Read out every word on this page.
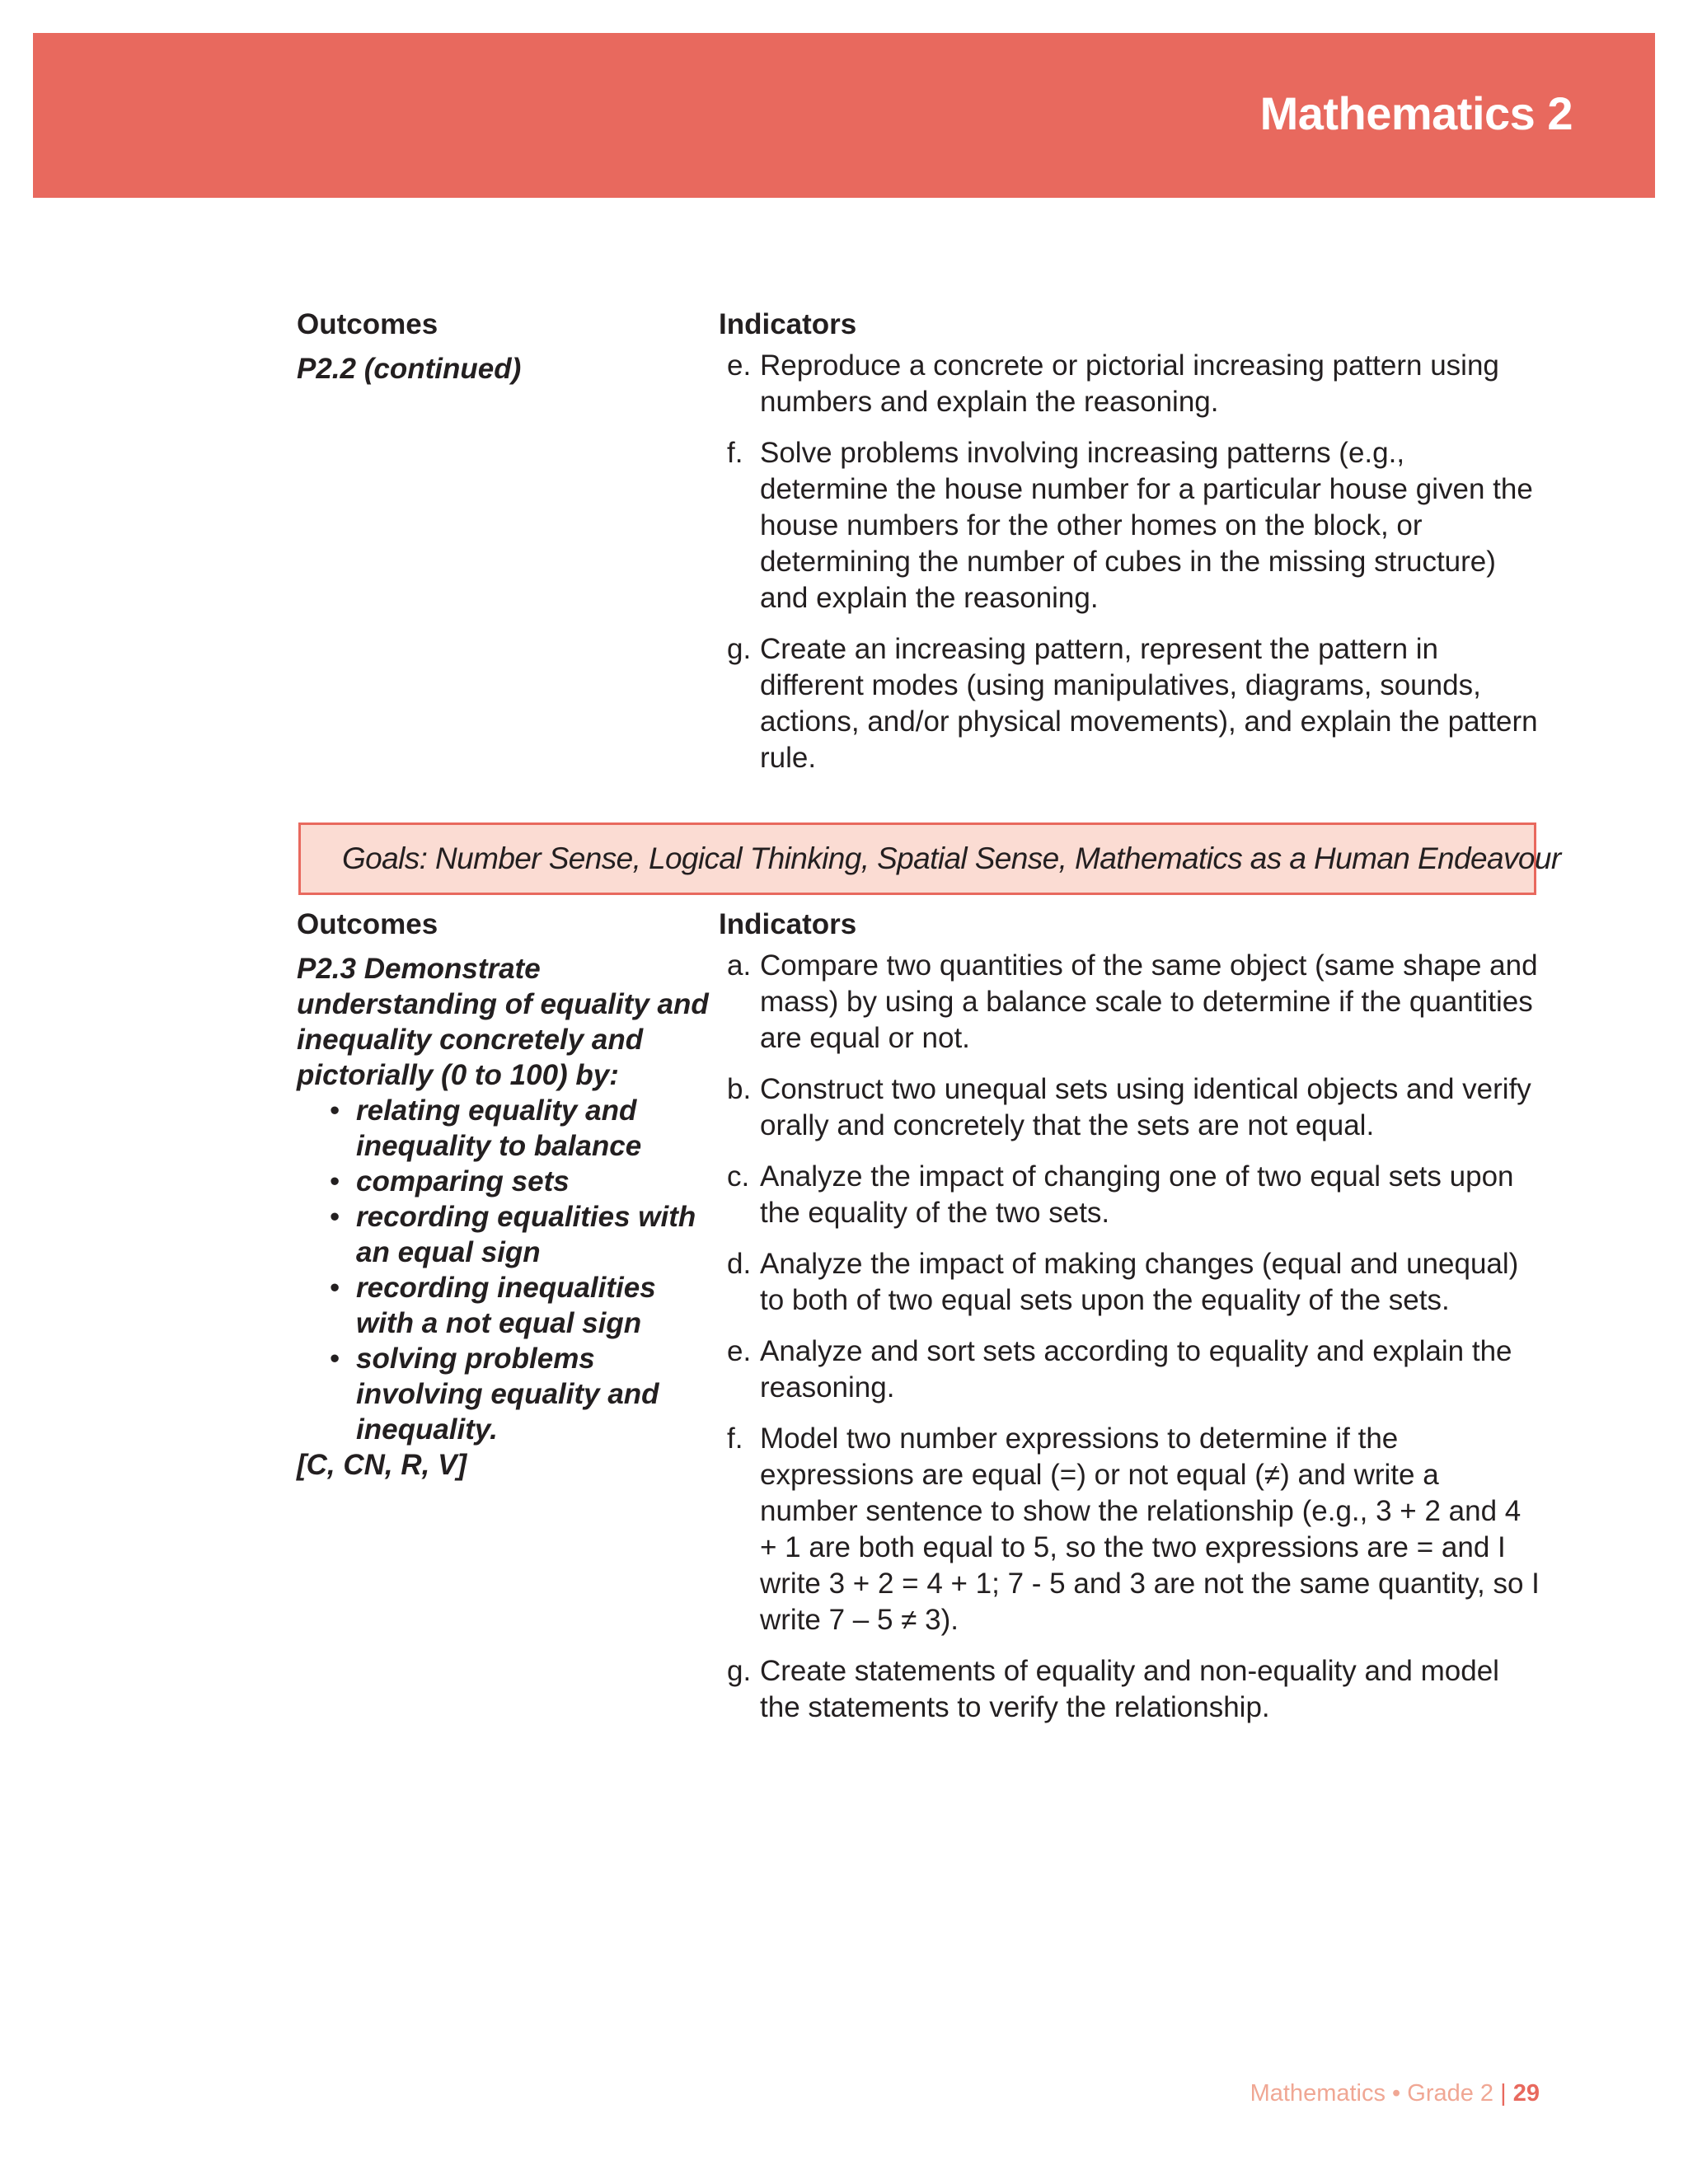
Mathematics 2
Outcomes
P2.2 (continued)
Indicators
e. Reproduce a concrete or pictorial increasing pattern using numbers and explain the reasoning.
f. Solve problems involving increasing patterns (e.g., determine the house number for a particular house given the house numbers for the other homes on the block, or determining the number of cubes in the missing structure) and explain the reasoning.
g. Create an increasing pattern, represent the pattern in different modes (using manipulatives, diagrams, sounds, actions, and/or physical movements), and explain the pattern rule.
Goals: Number Sense, Logical Thinking, Spatial Sense, Mathematics as a Human Endeavour
Outcomes
P2.3 Demonstrate understanding of equality and inequality concretely and pictorially (0 to 100) by:
• relating equality and inequality to balance
• comparing sets
• recording equalities with an equal sign
• recording inequalities with a not equal sign
• solving problems involving equality and inequality.
[C, CN, R, V]
Indicators
a. Compare two quantities of the same object (same shape and mass) by using a balance scale to determine if the quantities are equal or not.
b. Construct two unequal sets using identical objects and verify orally and concretely that the sets are not equal.
c. Analyze the impact of changing one of two equal sets upon the equality of the two sets.
d. Analyze the impact of making changes (equal and unequal) to both of two equal sets upon the equality of the sets.
e. Analyze and sort sets according to equality and explain the reasoning.
f. Model two number expressions to determine if the expressions are equal (=) or not equal (≠) and write a number sentence to show the relationship (e.g., 3 + 2 and 4 + 1 are both equal to 5, so the two expressions are = and I write 3 + 2 = 4 + 1; 7 - 5 and 3 are not the same quantity, so I write 7 – 5 ≠ 3).
g. Create statements of equality and non-equality and model the statements to verify the relationship.
Mathematics • Grade 2 | 29
